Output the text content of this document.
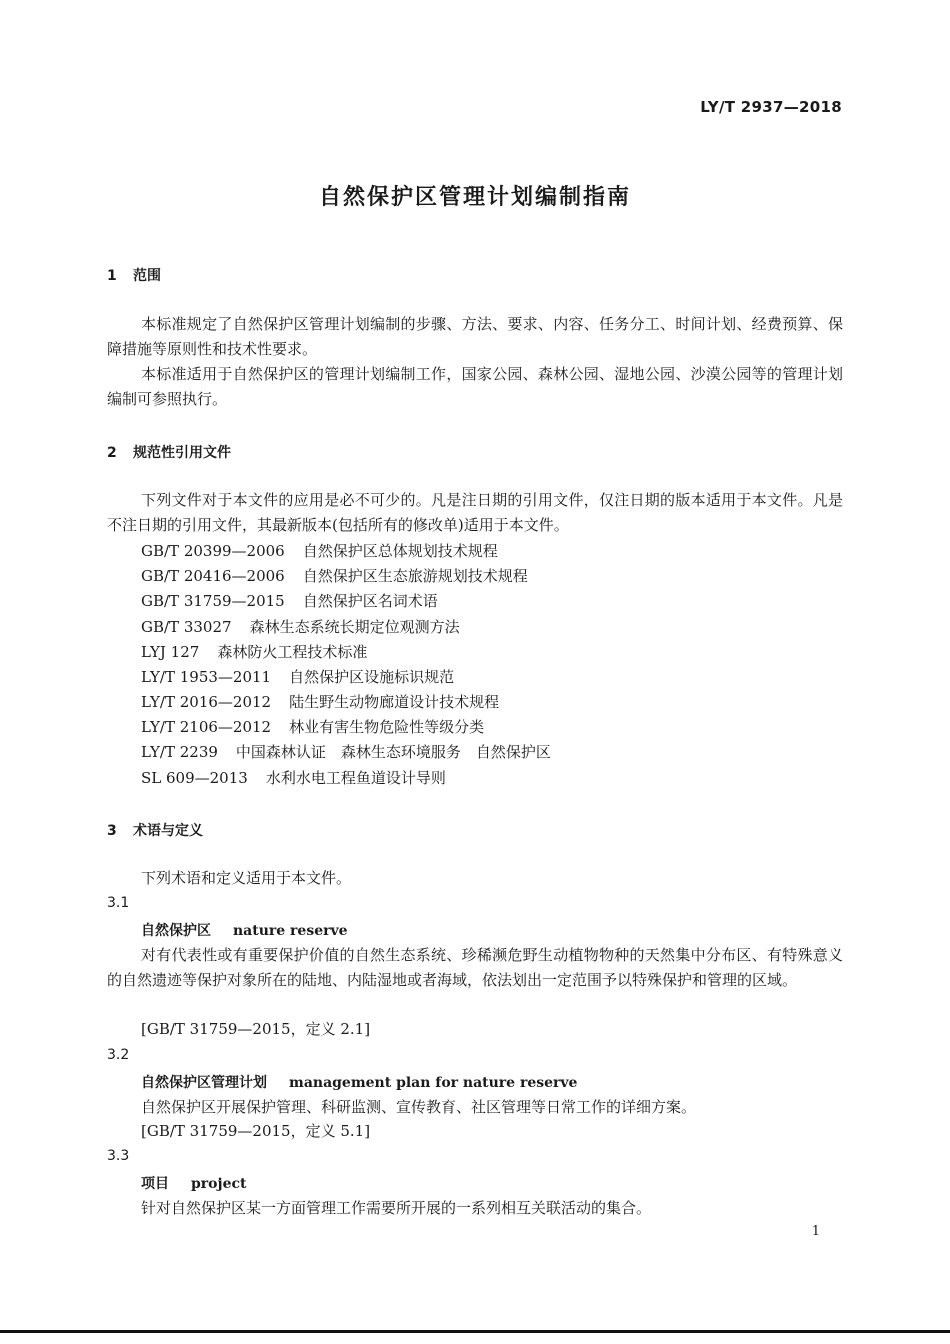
LY/T 2937—2018
自然保护区管理计划编制指南
1 范围
本标准规定了自然保护区管理计划编制的步骤、方法、要求、内容、任务分工、时间计划、经费预算、保障措施等原则性和技术性要求。
本标准适用于自然保护区的管理计划编制工作，国家公园、森林公园、湿地公园、沙漠公园等的管理计划编制可参照执行。
2 规范性引用文件
下列文件对于本文件的应用是必不可少的。凡是注日期的引用文件，仅注日期的版本适用于本文件。凡是不注日期的引用文件，其最新版本(包括所有的修改单)适用于本文件。
GB/T 20399—2006 自然保护区总体规划技术规程
GB/T 20416—2006 自然保护区生态旅游规划技术规程
GB/T 31759—2015 自然保护区名词术语
GB/T 33027 森林生态系统长期定位观测方法
LYJ 127 森林防火工程技术标准
LY/T 1953—2011 自然保护区设施标识规范
LY/T 2016—2012 陆生野生动物廊道设计技术规程
LY/T 2106—2012 林业有害生物危险性等级分类
LY/T 2239 中国森林认证　森林生态环境服务　自然保护区
SL 609—2013 水利水电工程鱼道设计导则
3 术语与定义
下列术语和定义适用于本文件。
3.1
自然保护区 nature reserve
对有代表性或有重要保护价值的自然生态系统、珍稀濒危野生动植物物种的天然集中分布区、有特殊意义的自然遗迹等保护对象所在的陆地、内陆湿地或者海域，依法划出一定范围予以特殊保护和管理的区域。
[GB/T 31759—2015，定义 2.1]
3.2
自然保护区管理计划 management plan for nature reserve
自然保护区开展保护管理、科研监测、宣传教育、社区管理等日常工作的详细方案。
[GB/T 31759—2015，定义 5.1]
3.3
项目 project
针对自然保护区某一方面管理工作需要所开展的一系列相互关联活动的集合。
1
